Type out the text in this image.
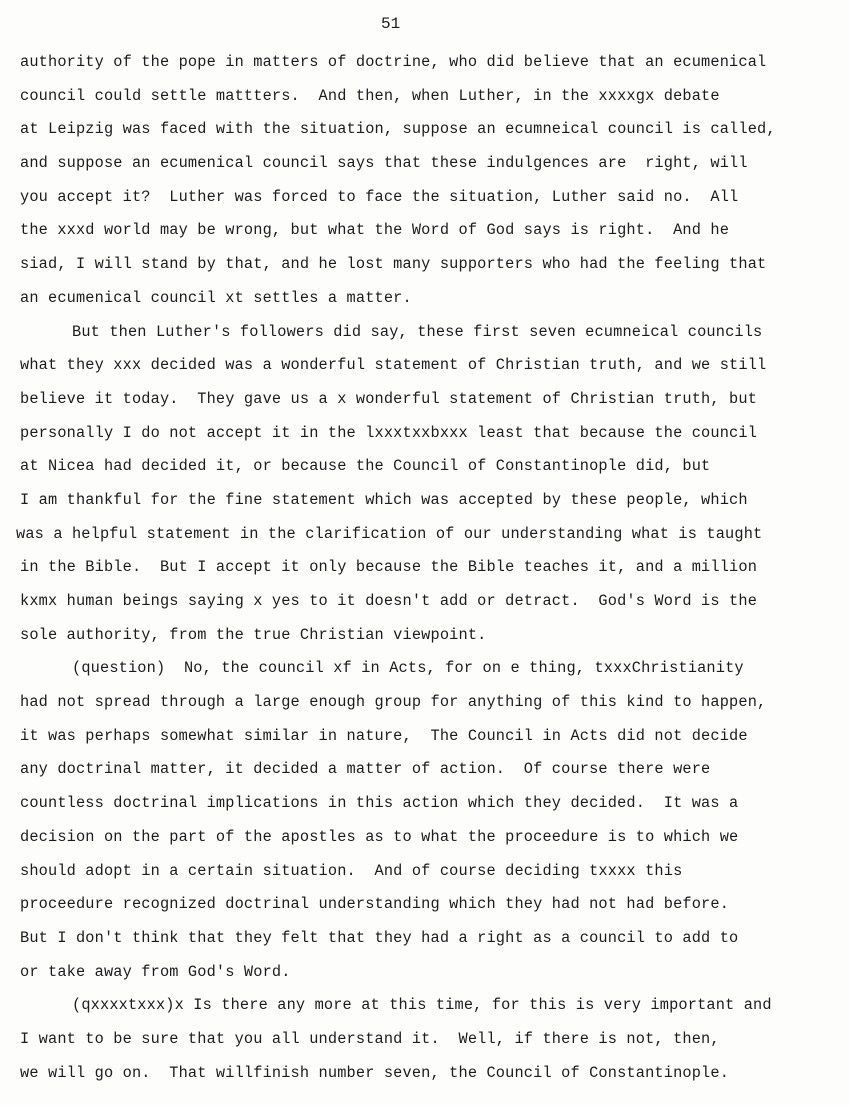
51
authority of the pope in matters of doctrine, who did believe that an ecumenical
council could settle mattters.  And then, when Luther, in the xxxxgx debate
at Leipzig was faced with the situation, suppose an ecumneical council is called,
and suppose an ecumenical council says that these indulgences are  right, will
you accept it?  Luther was forced to face the situation, Luther said no.  All
the xxxd world may be wrong, but what the Word of God says is right.  And he
siad, I will stand by that, and he lost many supporters who had the feeling that
an ecumenical council xt settles a matter.
But then Luther's followers did say, these first seven ecumneical councils
what they xxx decided was a wonderful statement of Christian truth, and we still
believe it today.  They gave us a x wonderful statement of Christian truth, but
personally I do not accept it in the lxxxtxxbxxx least that because the council
at Nicea had decided it, or because the Council of Constantinople did, but
I am thankful for the fine statement which was accepted by these people, which
was a helpful statement in the clarification of our understanding what is taught
in the Bible.  But I accept it only because the Bible teaches it, and a million
kxmx human beings saying x yes to it doesn't add or detract.  God's Word is the
sole authority, from the true Christian viewpoint.
(question)  No, the council xf in Acts, for on e thing, txxxChristianity
had not spread through a large enough group for anything of this kind to happen,
it was perhaps somewhat similar in nature,  The Council in Acts did not decide
any doctrinal matter, it decided a matter of action.  Of course there were
countless doctrinal implications in this action which they decided.  It was a
decision on the part of the apostles as to what the proceedure is to which we
should adopt in a certain situation.  And of course deciding txxxx this
proceedure recognized doctrinal understanding which they had not had before.
But I don't think that they felt that they had a right as a council to add to
or take away from God's Word.
(qxxxxtxxx)x Is there any more at this time, for this is very important and
I want to be sure that you all understand it.  Well, if there is not, then,
we will go on.  That willfinish number seven, the Council of Constantinople.
